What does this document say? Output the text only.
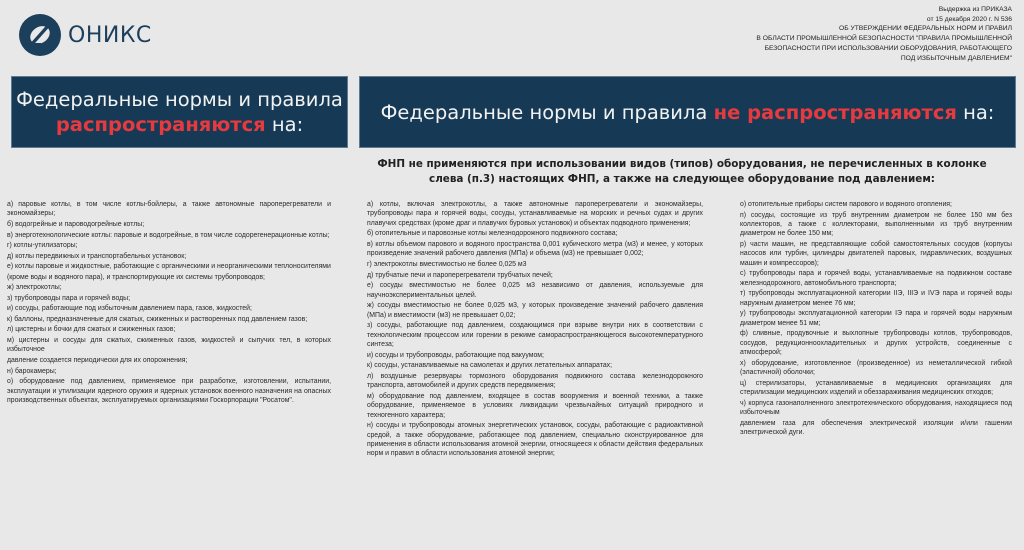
ОНИКС
Выдержка из ПРИКАЗА
от 15 декабря 2020 г. N 536
ОБ УТВЕРЖДЕНИИ ФЕДЕРАЛЬНЫХ НОРМ И ПРАВИЛ
В ОБЛАСТИ ПРОМЫШЛЕННОЙ БЕЗОПАСНОСТИ "ПРАВИЛА ПРОМЫШЛЕННОЙ
БЕЗОПАСНОСТИ ПРИ ИСПОЛЬЗОВАНИИ ОБОРУДОВАНИЯ, РАБОТАЮЩЕГО
ПОД ИЗБЫТОЧНЫМ ДАВЛЕНИЕМ"
Федеральные нормы и правила
распространяются на:
Федеральные нормы и правила не распространяются на:
ФНП не применяются при использовании видов (типов) оборудования, не перечисленных в колонке слева (п.3) настоящих ФНП, а также на следующее оборудование под давлением:

а) паровые котлы, в том числе котлы-бойлеры, а также автономные пароперегреватели и экономайзеры;

б) водогрейные и пароводогрейные котлы;

в) энерготехнологические котлы: паровые и водогрейные, в том числе содорегенерационные котлы;

г) котлы-утилизаторы;

д) котлы передвижных и транспортабельных установок;

е) котлы паровые и жидкостные, работающие с органическими и неорганическими теплоносителями

(кроме воды и водяного пара), и транспортирующие их системы трубопроводов;

ж) электрокотлы;

з) трубопроводы пара и горячей воды;

и) сосуды, работающие под избыточным давлением пара, газов, жидкостей;

к) баллоны, предназначенные для сжатых, сжиженных и растворенных под давлением газов;

л) цистерны и бочки для сжатых и сжиженных газов;

м) цистерны и сосуды для сжатых, сжиженных газов, жидкостей и сыпучих тел, в которых избыточное

давление создается периодически для их опорожнения;

н) барокамеры;

о) оборудование под давлением, применяемое при разработке, изготовлении, испытании, эксплуатации и утилизации ядерного оружия и ядерных установок военного назначения на опасных производственных объектах, эксплуатируемых организациями Госкорпорации "Росатом".

а) котлы, включая электрокотлы, а также автономные пароперегреватели и экономайзеры, трубопроводы пара и горячей воды, сосуды, устанавливаемые на морских и речных судах и других плавучих средствах (кроме драг и плавучих буровых установок) и объектах подводного применения;

б) отопительные и паровозные котлы железнодорожного подвижного состава;

в) котлы объемом парового и водяного пространства 0,001 кубического метра (м3) и менее, у которых произведение значений рабочего давления (МПа) и объема (м3) не превышает 0,002;

г) электрокотлы вместимостью не более 0,025 м3

д) трубчатые печи и пароперегреватели трубчатых печей;

е) сосуды вместимостью не более 0,025 м3 независимо от давления, используемые для научноэкспериментальных целей.

ж) сосуды вместимостью не более 0,025 м3, у которых произведение значений рабочего давления (МПа) и вместимости (м3) не превышает 0,02;

з) сосуды, работающие под давлением, создающимся при взрыве внутри них в соответствии с технологическим процессом или горении в режиме самораспространяющегося высокотемпературного синтеза;

и) сосуды и трубопроводы, работающие под вакуумом;

к) сосуды, устанавливаемые на самолетах и других летательных аппаратах;

л) воздушные резервуары тормозного оборудования подвижного состава железнодорожного транспорта, автомобилей и других средств передвижения;

м) оборудование под давлением, входящее в состав вооружения и военной техники, а также оборудование, применяемое в условиях ликвидации чрезвычайных ситуаций природного и техногенного характера;

н) сосуды и трубопроводы атомных энергетических установок, сосуды, работающие с радиоактивной средой, а также оборудование, работающее под давлением, специально сконструированное для применения в области использования атомной энергии, относящееся к области действия федеральных норм и правил в области использования атомной энергии;

о) отопительные приборы систем парового и водяного отопления;

п) сосуды, состоящие из труб внутренним диаметром не более 150 мм без коллекторов, а также с коллекторами, выполненными из труб внутренним диаметром не более 150 мм;

р) части машин, не представляющие собой самостоятельных сосудов (корпусы насосов или турбин, цилиндры двигателей паровых, гидравлических, воздушных машин и компрессоров);

с) трубопроводы пара и горячей воды, устанавливаемые на подвижном составе железнодорожного, автомобильного транспорта;

т) трубопроводы эксплуатационной категории IIЭ, IIIЭ и IVЭ пара и горячей воды наружным диаметром менее 76 мм;

у) трубопроводы эксплуатационной категории IЭ пара и горячей воды наружным диаметром менее 51 мм;

ф) сливные, продувочные и выхлопные трубопроводы котлов, трубопроводов, сосудов, редукционноохладительных и других устройств, соединенные с атмосферой;

х) оборудование, изготовленное (произведенное) из неметаллической гибкой (эластичной) оболочки;

ц) стерилизаторы, устанавливаемые в медицинских организациях для стерилизации медицинских изделий и обеззараживания медицинских отходов;

ч) корпуса газонаполненного электротехнического оборудования, находящиеся под избыточным

давлением газа для обеспечения электрической изоляции и/или гашении электрической дуги.
